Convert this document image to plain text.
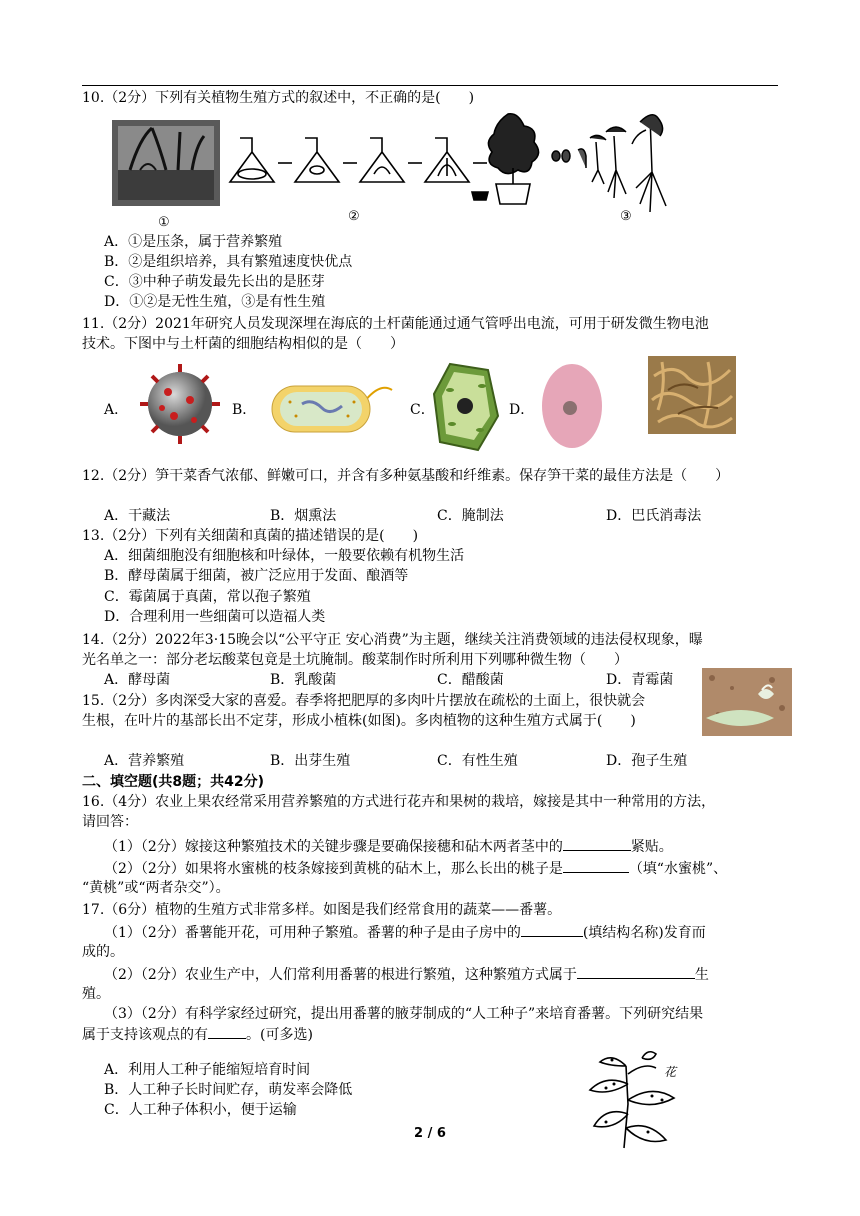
10.（2分）下列有关植物生殖方式的叙述中，不正确的是(　　)
①	②	③
A．①是压条，属于营养繁殖
B．②是组织培养，具有繁殖速度快优点
C．③中种子萌发最先长出的是胚芽
D．①②是无性生殖，③是有性生殖
11.（2分）2021年研究人员发现深埋在海底的土杆菌能通过通气管呼出电流，可用于研发微生物电池
技术。下图中与土杆菌的细胞结构相似的是（　　）
A．	B．	C．	D．
12.（2分）笋干菜香气浓郁、鲜嫩可口，并含有多种氨基酸和纤维素。保存笋干菜的最佳方法是（　　）
A．干藏法	B．烟熏法	C．腌制法	D．巴氏消毒法
13.（2分）下列有关细菌和真菌的描述错误的是(　　)
A．细菌细胞没有细胞核和叶绿体，一般要依赖有机物生活
B．酵母菌属于细菌，被广泛应用于发面、酿酒等
C．霉菌属于真菌，常以孢子繁殖
D．合理利用一些细菌可以造福人类
14.（2分）2022年3·15晚会以“公平守正 安心消费”为主题，继续关注消费领域的违法侵权现象，曝
光名单之一：部分老坛酸菜包竟是土坑腌制。酸菜制作时所利用下列哪种微生物（　　）
A．酵母菌	B．乳酸菌	C．醋酸菌	D．青霉菌
15.（2分）多肉深受大家的喜爱。春季将把肥厚的多肉叶片摆放在疏松的土面上，很快就会
生根，在叶片的基部长出不定芽，形成小植株(如图)。多肉植物的这种生殖方式属于(　　)
A．营养繁殖	B．出芽生殖	C．有性生殖	D．孢子生殖
二、填空题(共8题；共42分)
16.（4分）农业上果农经常采用营养繁殖的方式进行花卉和果树的栽培，嫁接是其中一种常用的方法，
请回答：
（1）（2分）嫁接这种繁殖技术的关键步骤是要确保接穗和砧木两者茎中的	紧贴。
（2）（2分）如果将水蜜桃的枝条嫁接到黄桃的砧木上，那么长出的桃子是	（填“水蜜桃”、
“黄桃”或“两者杂交”）。
17.（6分）植物的生殖方式非常多样。如图是我们经常食用的蔬菜——番薯。
（1）（2分）番薯能开花，可用种子繁殖。番薯的种子是由子房中的	(填结构名称)发育而
成的。
（2）（2分）农业生产中，人们常利用番薯的根进行繁殖，这种繁殖方式属于	生
殖。
（3）（2分）有科学家经过研究，提出用番薯的腋芽制成的“人工种子”来培育番薯。下列研究结果
属于支持该观点的有	。(可多选)
A．利用人工种子能缩短培育时间
B．人工种子长时间贮存，萌发率会降低
C．人工种子体积小，便于运输
花
2 / 6
